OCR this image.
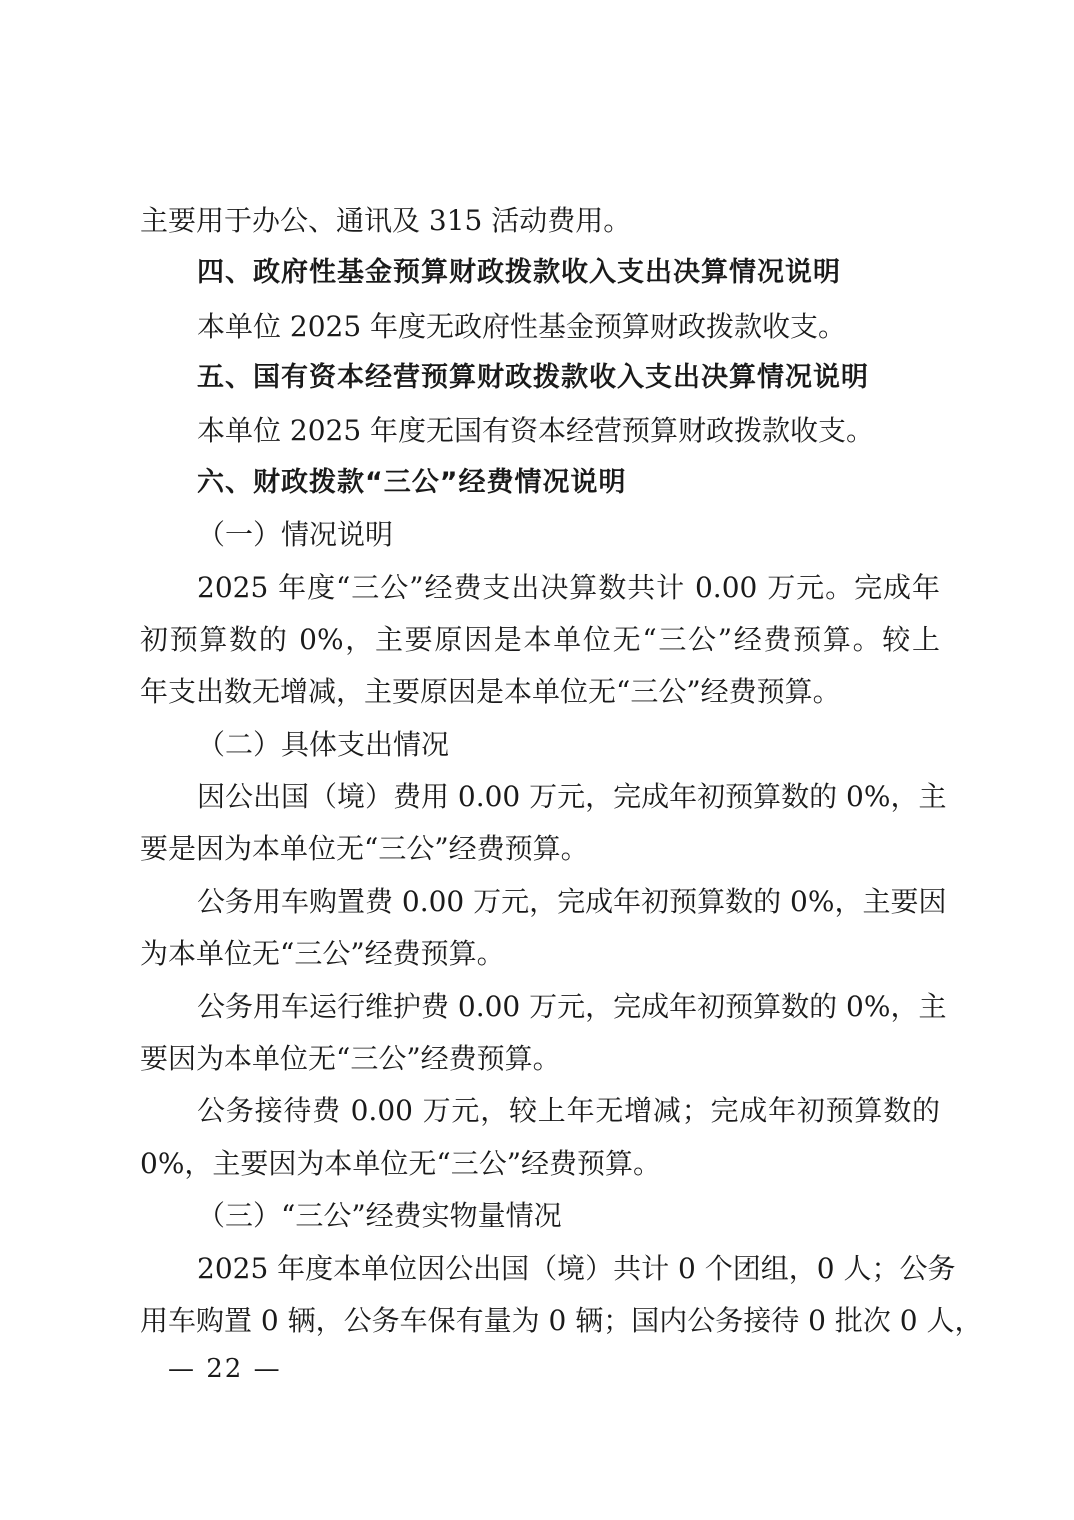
主要用于办公、通讯及 315 活动费用。
四、政府性基金预算财政拨款收入支出决算情况说明
本单位 2025 年度无政府性基金预算财政拨款收支。
五、国有资本经营预算财政拨款收入支出决算情况说明
本单位 2025 年度无国有资本经营预算财政拨款收支。
六、财政拨款“三公”经费情况说明
（一）情况说明
2025 年度“三公”经费支出决算数共计 0.00 万元。完成年
初预算数的 0%，主要原因是本单位无“三公”经费预算。较上
年支出数无增减，主要原因是本单位无“三公”经费预算。
（二）具体支出情况
因公出国（境）费用 0.00 万元，完成年初预算数的 0%，主
要是因为本单位无“三公”经费预算。
公务用车购置费 0.00 万元，完成年初预算数的 0%，主要因
为本单位无“三公”经费预算。
公务用车运行维护费 0.00 万元，完成年初预算数的 0%，主
要因为本单位无“三公”经费预算。
公务接待费 0.00 万元，较上年无增减；完成年初预算数的
0%，主要因为本单位无“三公”经费预算。
（三）“三公”经费实物量情况
2025 年度本单位因公出国（境）共计 0 个团组，0 人；公务
用车购置 0 辆，公务车保有量为 0 辆；国内公务接待 0 批次 0 人，
— 22 —
